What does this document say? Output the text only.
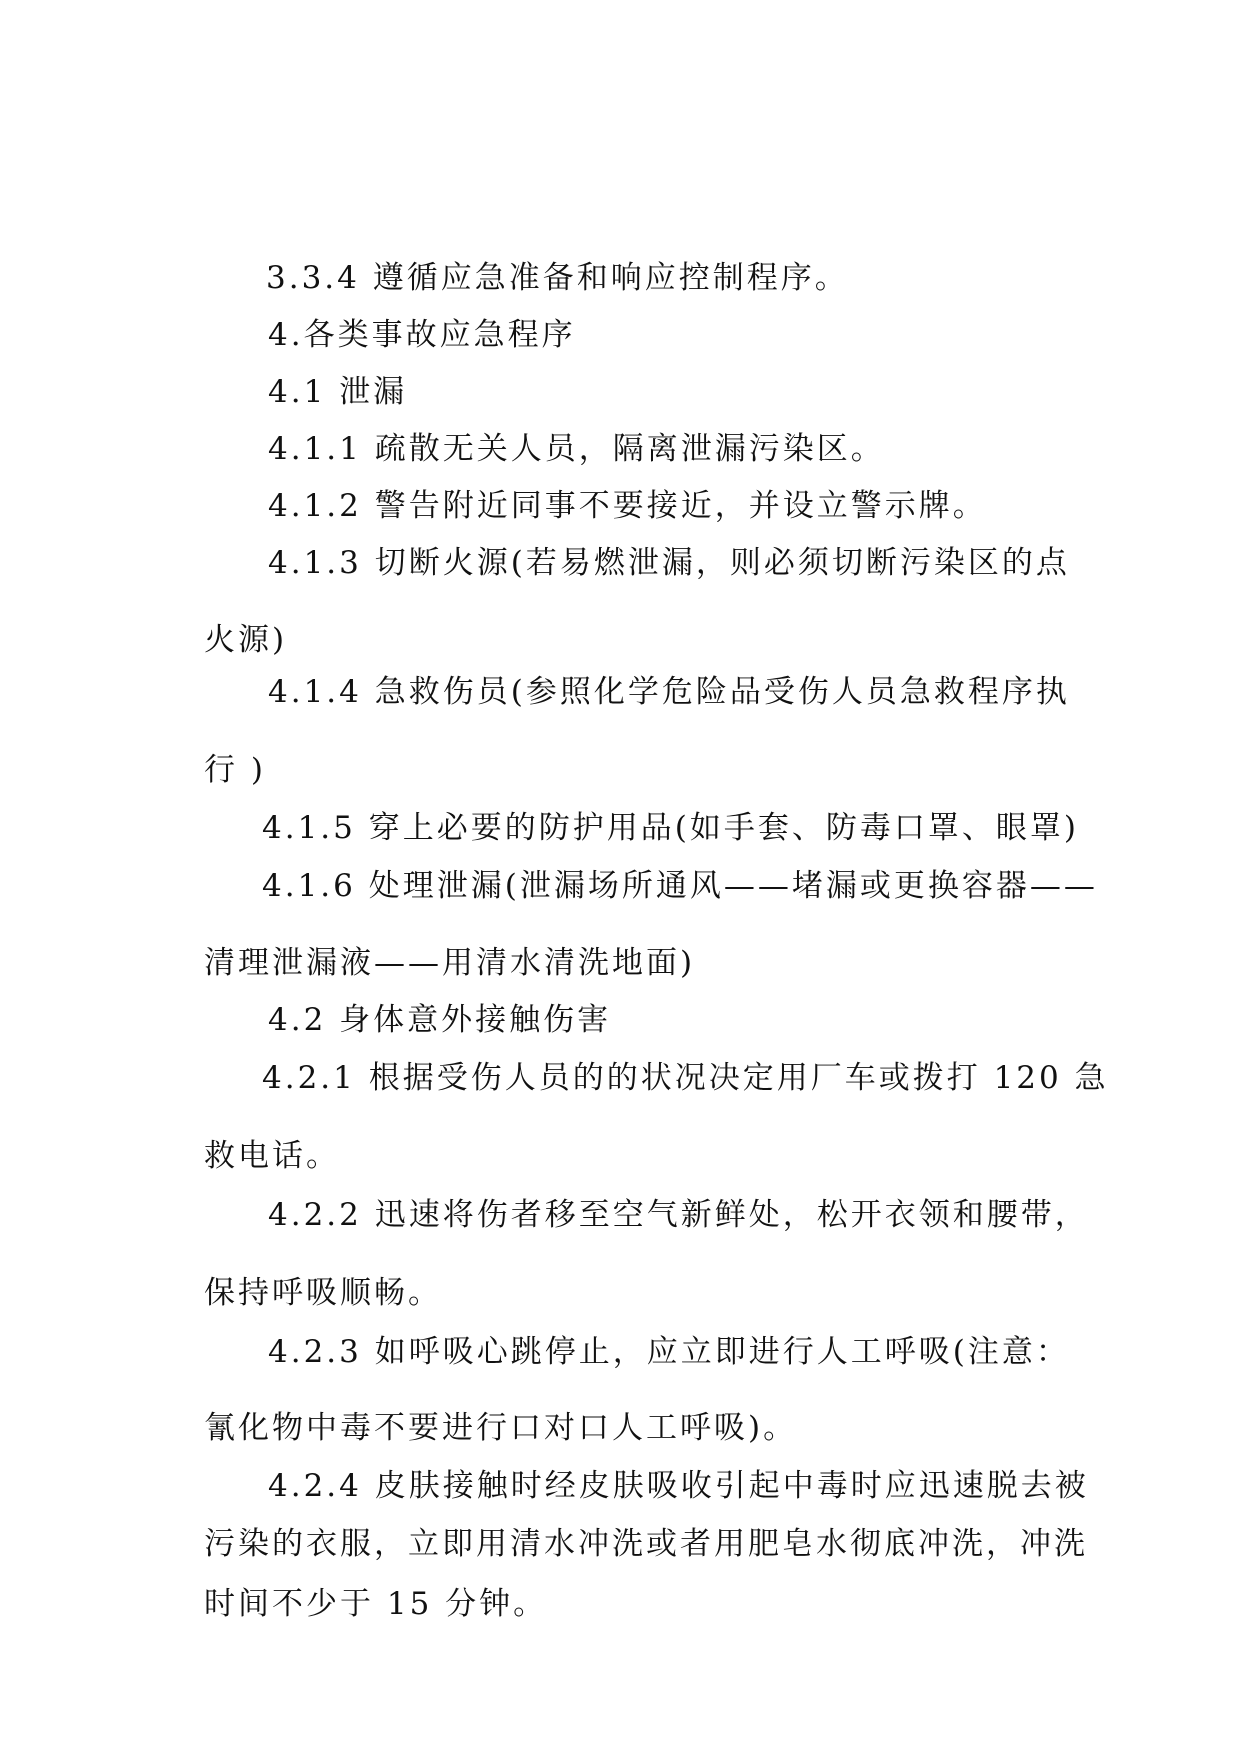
3.3.4 遵循应急准备和响应控制程序。
4.各类事故应急程序
4.1 泄漏
4.1.1 疏散无关人员，隔离泄漏污染区。
4.1.2 警告附近同事不要接近，并设立警示牌。
4.1.3 切断火源(若易燃泄漏，则必须切断污染区的点
火源)
4.1.4 急救伤员(参照化学危险品受伤人员急救程序执
行 )
4.1.5 穿上必要的防护用品(如手套、防毒口罩、眼罩)
4.1.6 处理泄漏(泄漏场所通风——堵漏或更换容器——
清理泄漏液——用清水清洗地面)
4.2 身体意外接触伤害
4.2.1 根据受伤人员的的状况决定用厂车或拨打 120 急
救电话。
4.2.2 迅速将伤者移至空气新鲜处，松开衣领和腰带，
保持呼吸顺畅。
4.2.3 如呼吸心跳停止，应立即进行人工呼吸(注意：
氰化物中毒不要进行口对口人工呼吸)。
4.2.4 皮肤接触时经皮肤吸收引起中毒时应迅速脱去被
污染的衣服，立即用清水冲洗或者用肥皂水彻底冲洗，冲洗
时间不少于 15 分钟。
